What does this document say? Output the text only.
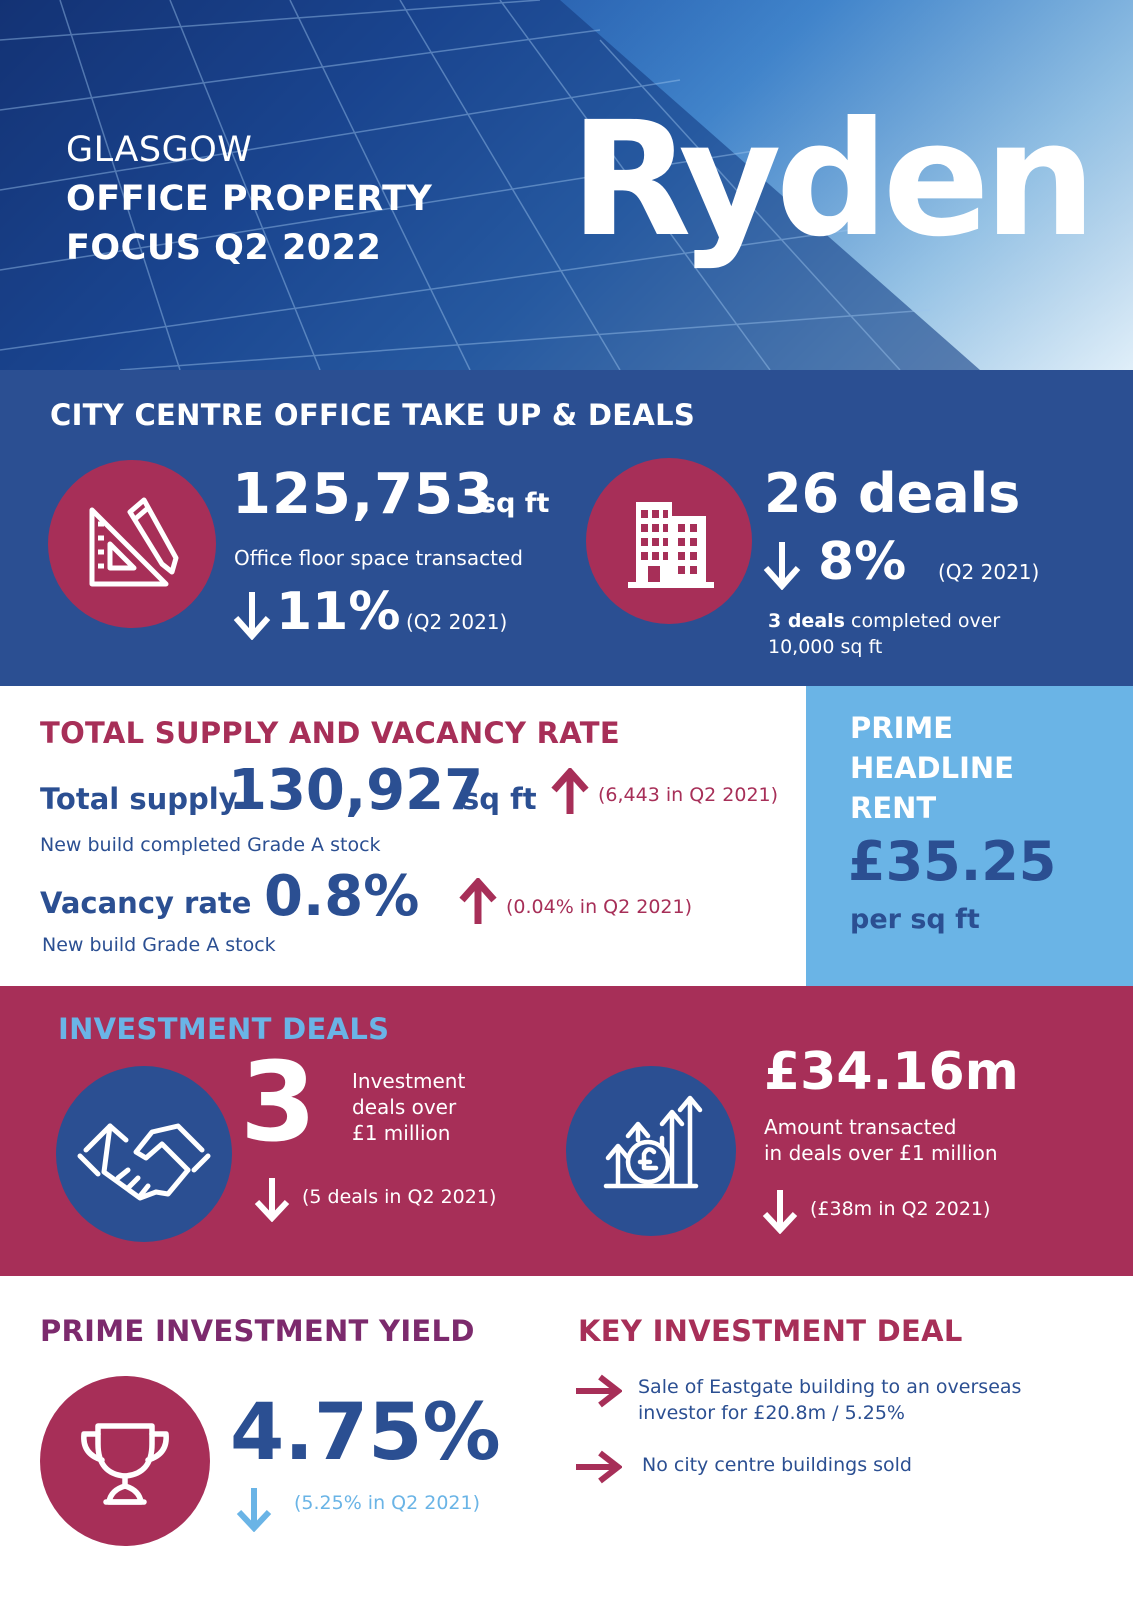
GLASGOW
OFFICE PROPERTY
FOCUS Q2 2022	Ryden
CITY CENTRE OFFICE TAKE UP & DEALS
125,753
sq ft
Office floor space transacted
11% (Q2 2021)
26 deals
8% (Q2 2021)
3 deals completed over
10,000 sq ft
TOTAL SUPPLY AND VACANCY RATE
Total supply
130,927
sq ft	(6,443 in Q2 2021)
New build completed Grade A stock
Vacancy rate 0.8%	(0.04% in Q2 2021)
New build Grade A stock
PRIME
HEADLINE
RENT
£35.25
per sq ft
INVESTMENT DEALS
3 Investment
deals over
£1 million
(5 deals in Q2 2021)
£34.16m
Amount transacted
in deals over £1 million
(£38m in Q2 2021)
PRIME INVESTMENT YIELD
4.75%
(5.25% in Q2 2021)
KEY INVESTMENT DEAL
Sale of Eastgate building to an overseas
investor for £20.8m / 5.25%
No city centre buildings sold
